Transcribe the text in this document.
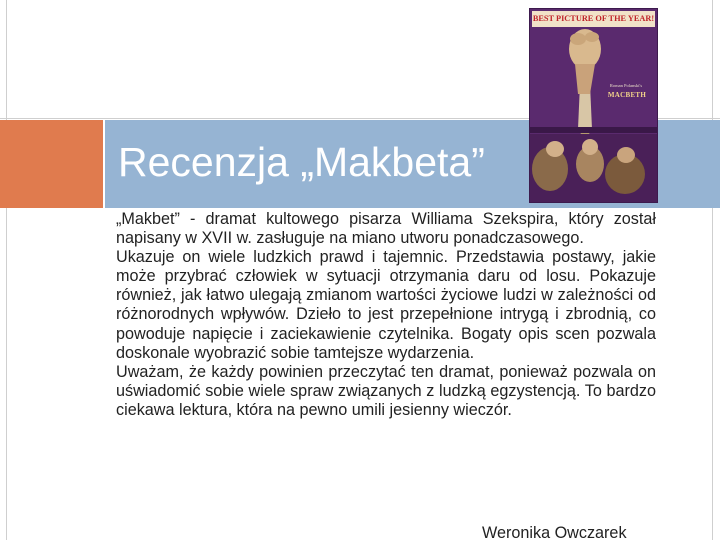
Recenzja „Makbeta”
BEST PICTURE OF THE YEAR!
Roman Polanski's
MACBETH

„Makbet” - dramat kultowego pisarza Williama Szekspira, który został napisany w XVII w. zasługuje na miano utworu ponadczasowego.

Ukazuje on wiele ludzkich prawd i tajemnic. Przedstawia postawy, jakie może przybrać człowiek w sytuacji otrzymania daru od losu. Pokazuje również, jak łatwo ulegają zmianom wartości życiowe ludzi w zależności od różnorodnych wpływów. Dzieło to jest przepełnione intrygą i zbrodnią, co powoduje napięcie i zaciekawienie czytelnika. Bogaty opis scen pozwala doskonale wyobrazić sobie tamtejsze wydarzenia.

Uważam, że każdy powinien przeczytać ten dramat, ponieważ pozwala on uświadomić sobie wiele spraw związanych z ludzką egzystencją. To bardzo ciekawa lektura, która na pewno umili jesienny wieczór.

Weronika Owczarek
